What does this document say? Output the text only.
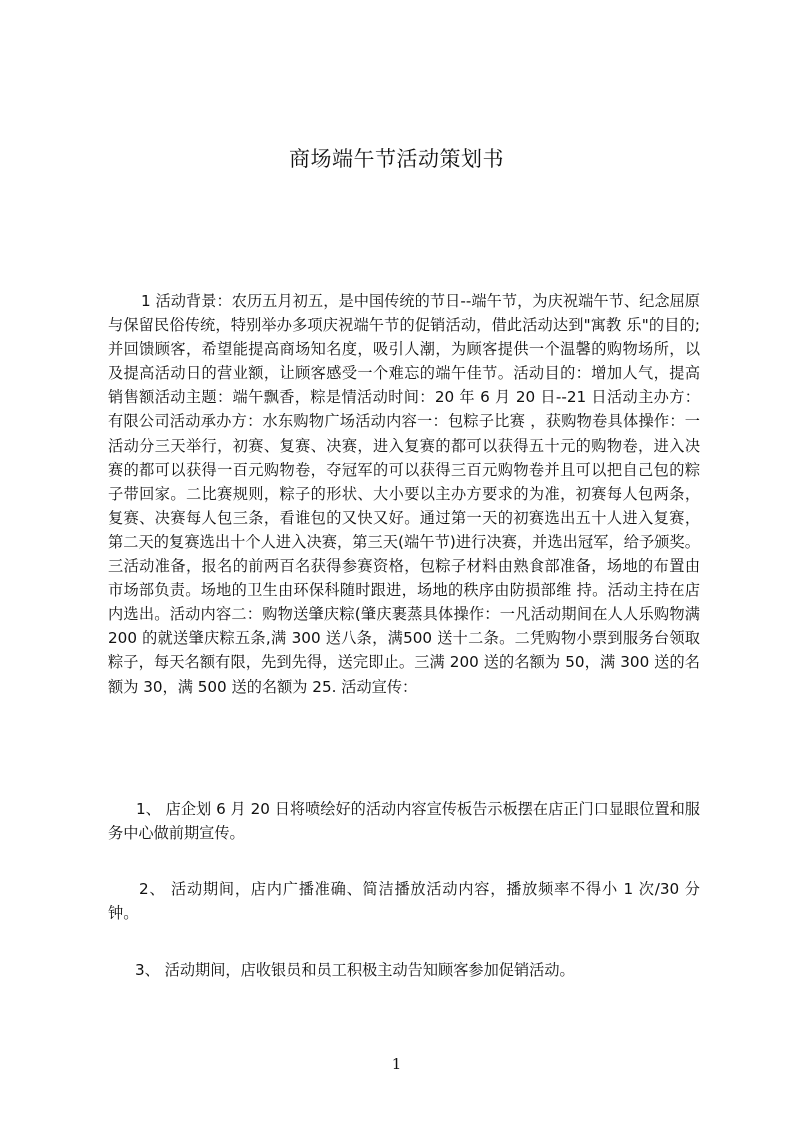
商场端午节活动策划书

1 活动背景：农历五月初五，是中国传统的节日--端午节，为庆祝端午节、纪念屈原与保留民俗传统，特别举办多项庆祝端午节的促销活动，借此活动达到"寓教 乐"的目的;并回馈顾客，希望能提高商场知名度，吸引人潮，为顾客提供一个温馨的购物场所，以及提高活动日的营业额，让顾客感受一个难忘的端午佳节。活动目的：增加人气，提高销售额活动主题：端午飘香，粽是情活动时间：20 年 6 月 20 日--21 日活动主办方：有限公司活动承办方：水东购物广场活动内容一：包粽子比赛 ，获购物卷具体操作：一活动分三天举行，初赛、复赛、决赛，进入复赛的都可以获得五十元的购物卷，进入决赛的都可以获得一百元购物卷，夺冠军的可以获得三百元购物卷并且可以把自己包的粽子带回家。二比赛规则，粽子的形状、大小要以主办方要求的为准，初赛每人包两条，复赛、决赛每人包三条，看谁包的又快又好。通过第一天的初赛选出五十人进入复赛，第二天的复赛选出十个人进入决赛，第三天(端午节)进行决赛，并选出冠军，给予颁奖。三活动准备，报名的前两百名获得参赛资格，包粽子材料由熟食部准备，场地的布置由市场部负责。场地的卫生由环保科随时跟进，场地的秩序由防损部维 持。活动主持在店内选出。活动内容二：购物送肇庆粽(肇庆裹蒸具体操作：一凡活动期间在人人乐购物满 200 的就送肇庆粽五条,满 300 送八条，满500 送十二条。二凭购物小票到服务台领取粽子，每天名额有限，先到先得，送完即止。三满 200 送的名额为 50，满 300 送的名额为 30，满 500 送的名额为 25. 活动宣传：

1、 店企划 6 月 20 日将喷绘好的活动内容宣传板告示板摆在店正门口显眼位置和服务中心做前期宣传。

2、 活动期间，店内广播准确、简洁播放活动内容，播放频率不得小 1 次/30 分钟。

3、 活动期间，店收银员和员工积极主动告知顾客参加促销活动。

1
